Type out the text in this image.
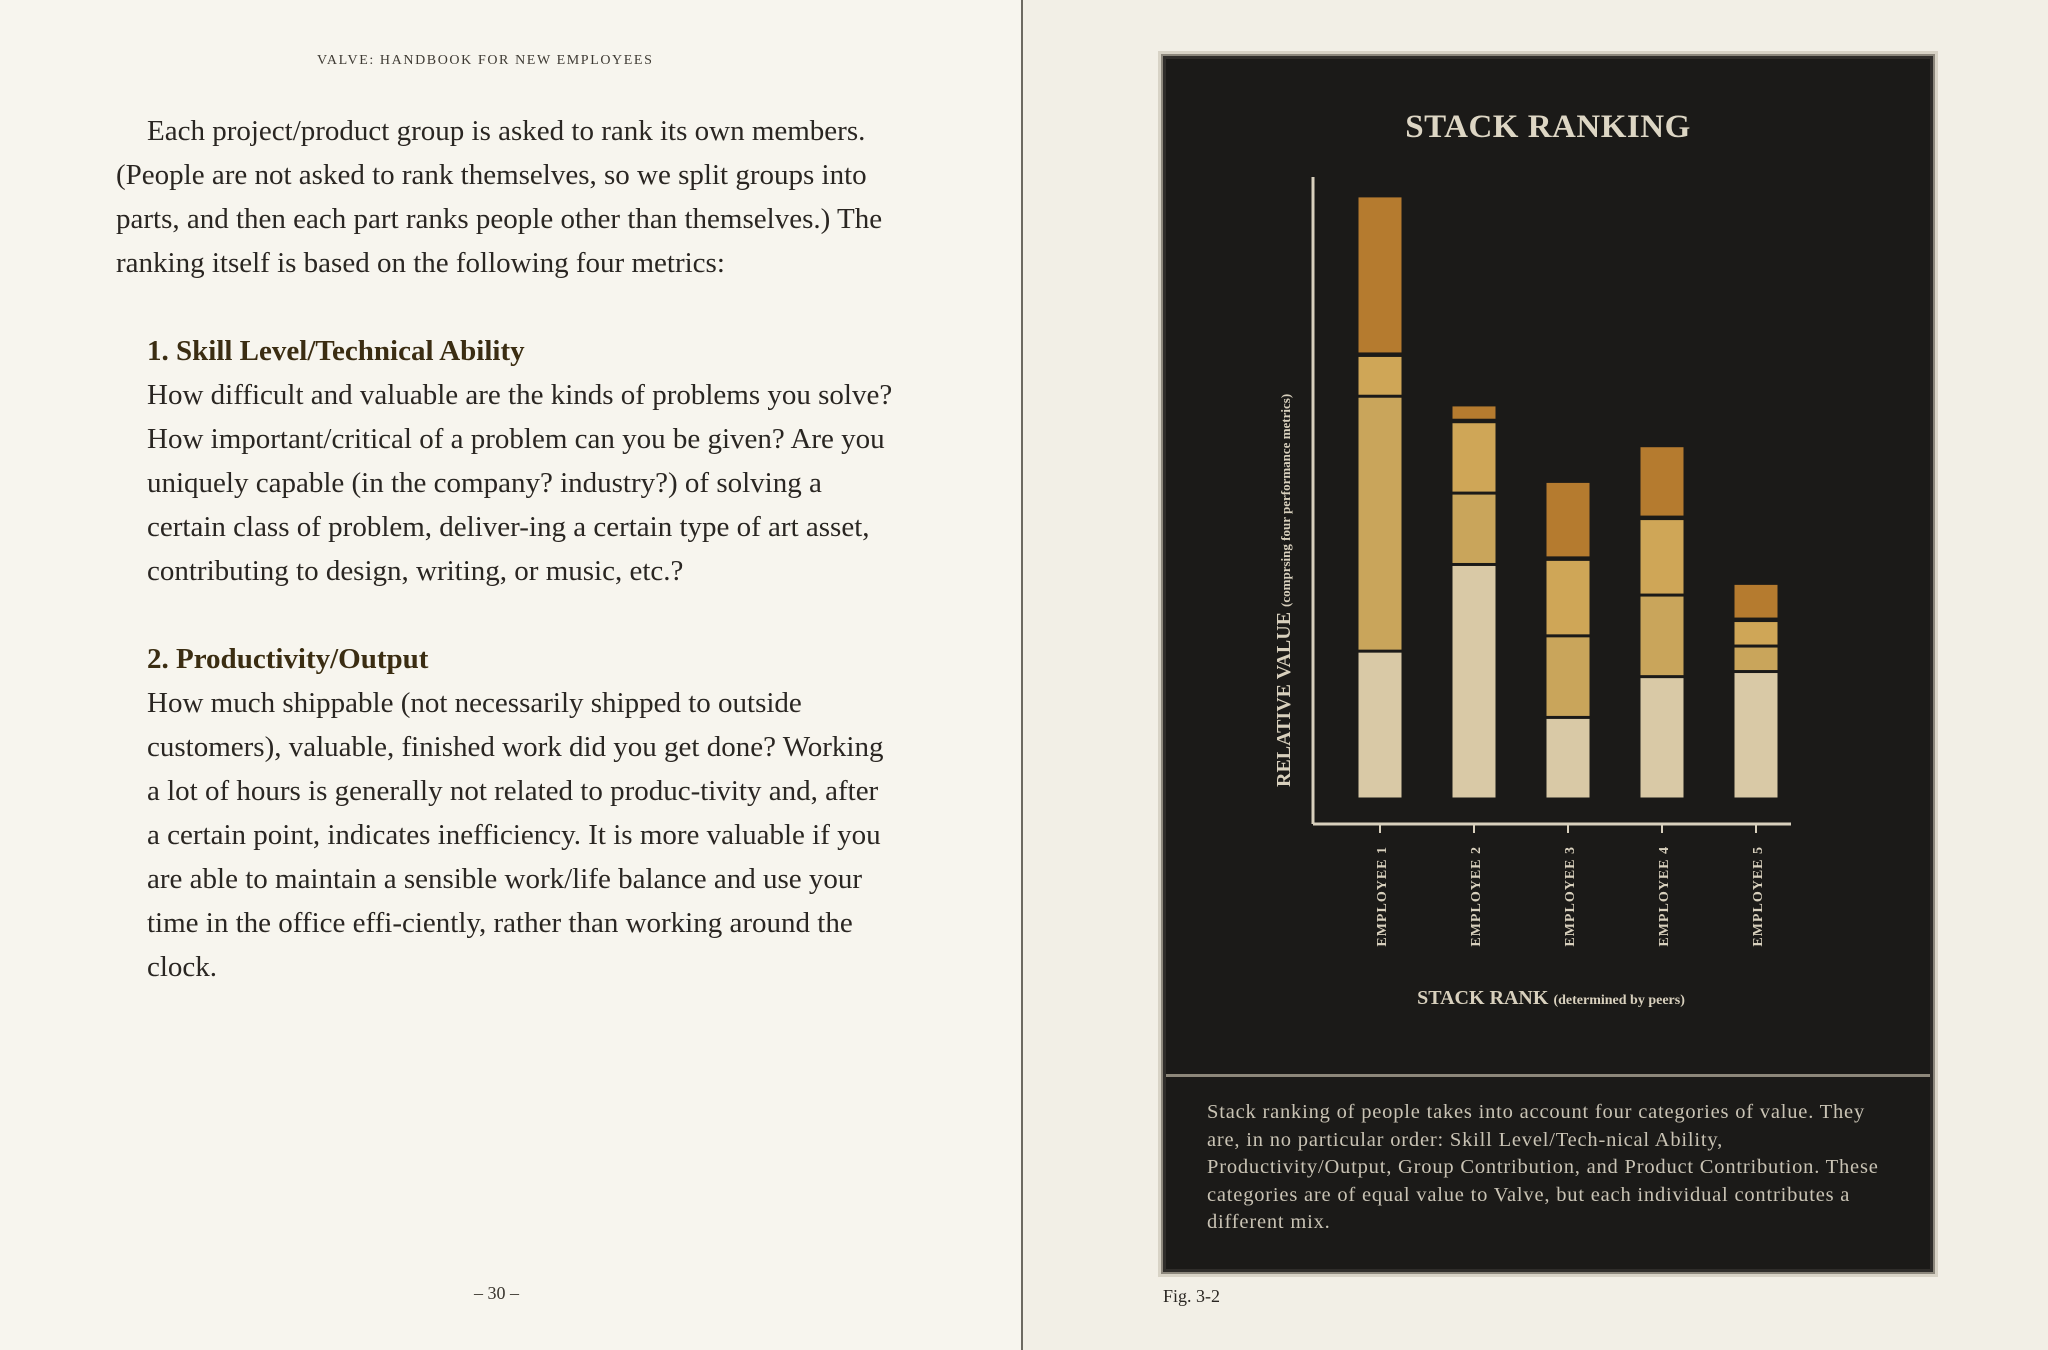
VALVE: HANDBOOK FOR NEW EMPLOYEES

Each project/product group is asked to rank its own members. (People are not asked to rank themselves, so we split groups into parts, and then each part ranks people other than themselves.) The ranking itself is based on the following four metrics:

1. Skill Level/Technical Ability
How difficult and valuable are the kinds of problems you solve? How important/critical of a problem can you be given? Are you uniquely capable (in the company? industry?) of solving a certain class of problem, deliver-ing a certain type of art asset, contributing to design, writing, or music, etc.?
2. Productivity/Output
How much shippable (not necessarily shipped to outside customers), valuable, finished work did you get done? Working a lot of hours is generally not related to produc-tivity and, after a certain point, indicates inefficiency. It is more valuable if you are able to maintain a sensible work/life balance and use your time in the office effi-ciently, rather than working around the clock.
– 30 –
STACK RANKING
EMPLOYEE 1	EMPLOYEE 2	EMPLOYEE 3	EMPLOYEE 4	EMPLOYEE 5
RELATIVE VALUE (comprsing four performance metrics)
STACK RANK (determined by peers)
Stack ranking of people takes into account four categories of value. They are, in no particular order: Skill Level/Tech-nical Ability, Productivity/Output, Group Contribution, and Product Contribution. These categories are of equal value to Valve, but each individual contributes a different mix.
Fig. 3-2
